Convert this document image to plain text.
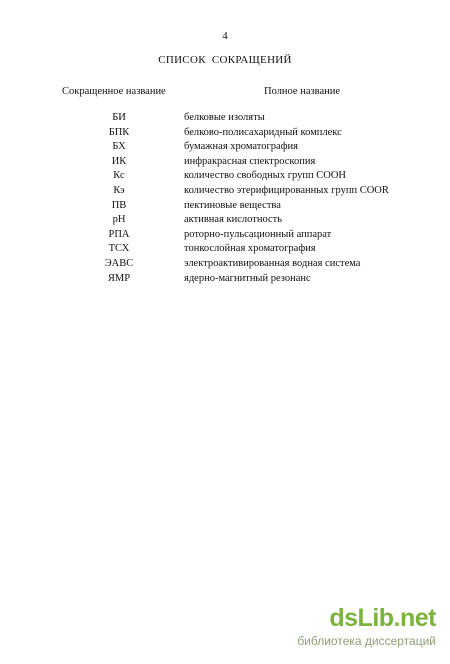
4
СПИСОК СОКРАЩЕНИЙ
Сокращенное название	Полное название
БИ	белковые изоляты
БПК	белково-полисахаридный комплекс
БХ	бумажная хроматография
ИК	инфракрасная спектроскопия
Кс	количество свободных групп СООН
Кэ	количество этерифицированных групп COOR
ПВ	пектиновые вещества
рН	активная кислотность
РПА	роторно-пульсационный аппарат
ТСХ	тонкослойная хроматография
ЭАВС	электроактивированная водная система
ЯМР	ядерно-магнитный резонанс
dsLib.net
библиотека диссертаций
